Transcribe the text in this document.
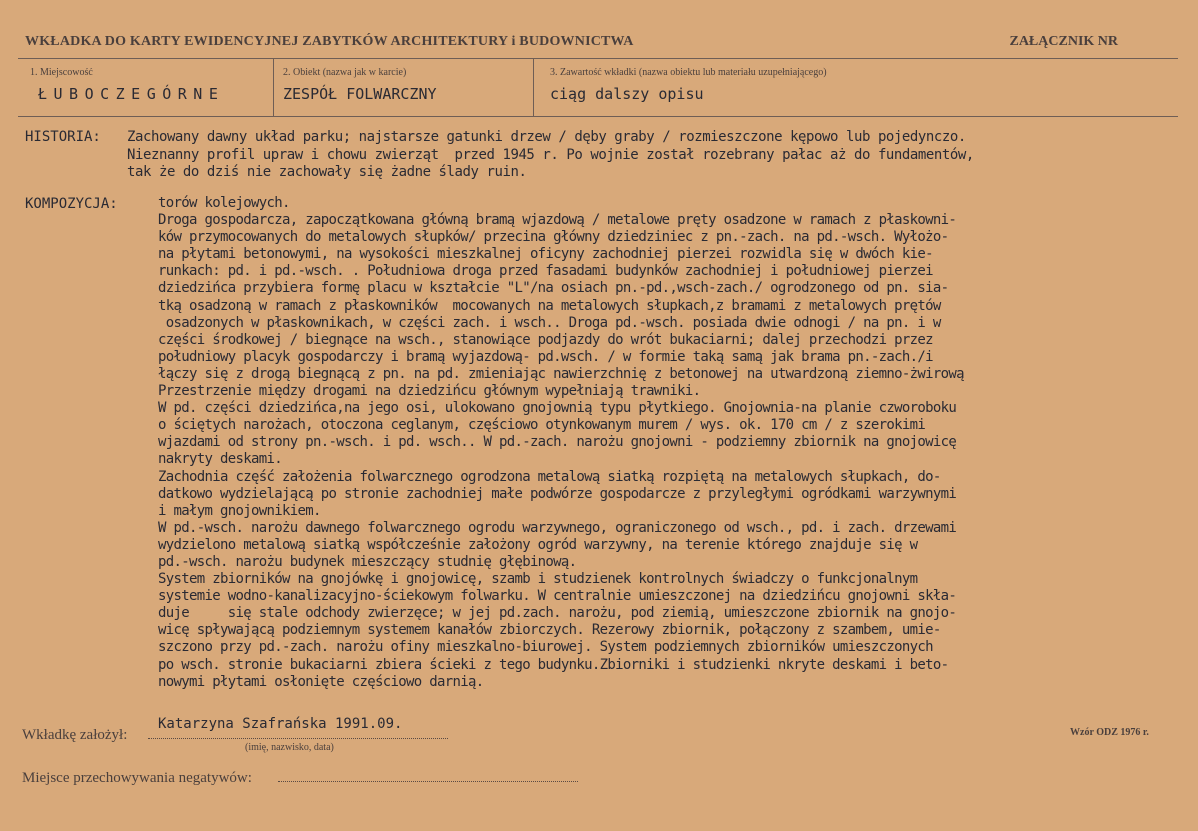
WKŁADKA DO KARTY EWIDENCYJNEJ ZABYTKÓW ARCHITEKTURY i BUDOWNICTWA	ZAŁĄCZNIK NR
1. Miejscowość
ŁUBOCZEGÓRNE
2. Obiekt (nazwa jak w karcie)
ZESPÓŁ FOLWARCZNY
3. Zawartość wkładki (nazwa obiektu lub materiału uzupełniającego)
ciąg dalszy opisu
HISTORIA: Zachowany dawny układ parku; najstarsze gatunki drzew / dęby graby / rozmieszczone kępowo lub pojedynczo.
Nieznanny profil upraw i chowu zwierząt  przed 1945 r. Po wojnie został rozebrany pałac aż do fundamentów,
tak że do dziś nie zachowały się żadne ślady ruin.
KOMPOZYCJA:	torów kolejowych.
Droga gospodarcza, zapoczątkowana główną bramą wjazdową / metalowe pręty osadzone w ramach z płaskowni-
ków przymocowanych do metalowych słupków/ przecina główny dziedziniec z pn.-zach. na pd.-wsch. Wyłożo-
na płytami betonowymi, na wysokości mieszkalnej oficyny zachodniej pierzei rozwidla się w dwóch kie-
runkach: pd. i pd.-wsch. . Południowa droga przed fasadami budynków zachodniej i południowej pierzei
dziedzińca przybiera formę placu w kształcie "L"/na osiach pn.-pd.,wsch-zach./ ogrodzonego od pn. sia-
tką osadzoną w ramach z płaskowników  mocowanych na metalowych słupkach,z bramami z metalowych prętów
osadzonych w płaskownikach, w części zach. i wsch.. Droga pd.-wsch. posiada dwie odnogi / na pn. i w
części środkowej / biegnące na wsch., stanowiące podjazdy do wrót bukaciarni; dalej przechodzi przez
południowy placyk gospodarczy i bramą wyjazdową- pd.wsch. / w formie taką samą jak brama pn.-zach./i
łączy się z drogą biegnącą z pn. na pd. zmieniając nawierzchnię z betonowej na utwardzoną ziemno-żwirową
Przestrzenie między drogami na dziedzińcu głównym wypełniają trawniki.
W pd. części dziedzińca,na jego osi, ulokowano gnojownią typu płytkiego. Gnojownia-na planie czworoboku
o ściętych narożach, otoczona ceglanym, częściowo otynkowanym murem / wys. ok. 170 cm / z szerokimi
wjazdami od strony pn.-wsch. i pd. wsch.. W pd.-zach. narożu gnojowni - podziemny zbiornik na gnojowicę
nakryty deskami.
Zachodnia część założenia folwarcznego ogrodzona metalową siatką rozpiętą na metalowych słupkach, do-
datkowo wydzielającą po stronie zachodniej małe podwórze gospodarcze z przyległymi ogródkami warzywnymi
i małym gnojownikiem.
W pd.-wsch. narożu dawnego folwarcznego ogrodu warzywnego, ograniczonego od wsch., pd. i zach. drzewami
wydzielono metalową siatką współcześnie założony ogród warzywny, na terenie którego znajduje się w
pd.-wsch. narożu budynek mieszczący studnię głębinową.
System zbiorników na gnojówkę i gnojowicę, szamb i studzienek kontrolnych świadczy o funkcjonalnym
systemie wodno-kanalizacyjno-ściekowym folwarku. W centralnie umieszczonej na dziedzińcu gnojowni skła-
duje     się stale odchody zwierzęce; w jej pd.zach. narożu, pod ziemią, umieszczone zbiornik na gnojo-
wicę spływającą podziemnym systemem kanałów zbiorczych. Rezerowy zbiornik, połączony z szambem, umie-
szczono przy pd.-zach. narożu ofiny mieszkalno-biurowej. System podziemnych zbiorników umieszczonych
po wsch. stronie bukaciarni zbiera ścieki z tego budynku.Zbiorniki i studzienki nkryte deskami i beto-
nowymi płytami osłonięte częściowo darnią.
Wkładkę założył:
Katarzyna Szafrańska 1991.09.
(imię, nazwisko, data)
Wzór ODZ 1976 r.
Miejsce przechowywania negatywów:
